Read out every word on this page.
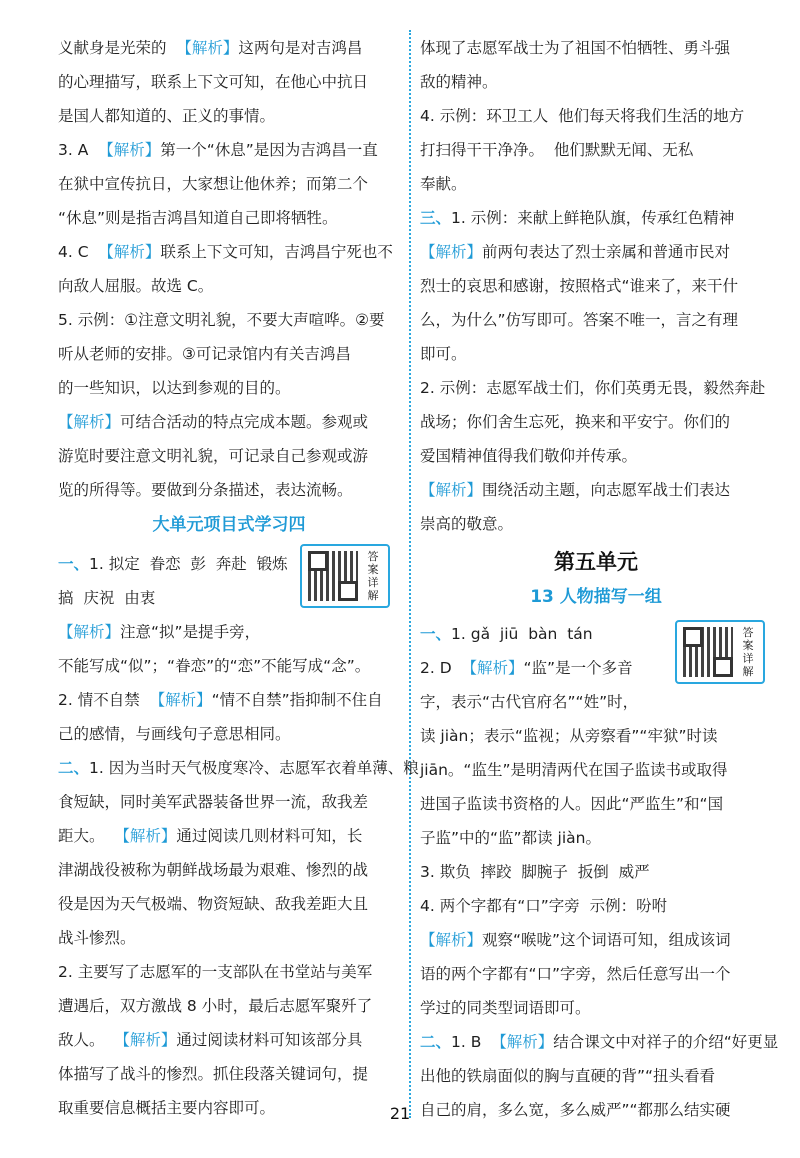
大单元项目式学习四
答案详解
义献身是光荣的  【解析】这两句是对吉鸿昌
的心理描写，联系上下文可知，在他心中抗日
是国人都知道的、正义的事情。
3. A  【解析】第一个“休息”是因为吉鸿昌一直
在狱中宣传抗日，大家想让他休养；而第二个
“休息”则是指吉鸿昌知道自己即将牺牲。
4. C  【解析】联系上下文可知，吉鸿昌宁死也不
向敌人屈服。故选 C。
5. 示例：①注意文明礼貌，不要大声喧哗。②要
听从老师的安排。③可记录馆内有关吉鸿昌
的一些知识，以达到参观的目的。
【解析】可结合活动的特点完成本题。参观或
游览时要注意文明礼貌，可记录自己参观或游
览的所得等。要做到分条描述，表达流畅。
一、1. 拟定  眷恋  彭  奔赴  锻炼
搞  庆祝  由衷
【解析】注意“拟”是提手旁，
不能写成“似”；“眷恋”的“恋”不能写成“念”。
2. 情不自禁  【解析】“情不自禁”指抑制不住自
己的感情，与画线句子意思相同。
二、1. 因为当时天气极度寒冷、志愿军衣着单薄、粮
食短缺，同时美军武器装备世界一流，敌我差
距大。  【解析】通过阅读几则材料可知，长
津湖战役被称为朝鲜战场最为艰难、惨烈的战
役是因为天气极端、物资短缺、敌我差距大且
战斗惨烈。
2. 主要写了志愿军的一支部队在书堂站与美军
遭遇后，双方激战 8 小时，最后志愿军聚歼了
敌人。  【解析】通过阅读材料可知该部分具
体描写了战斗的惨烈。抓住段落关键词句，提
取重要信息概括主要内容即可。
第五单元
13 人物描写一组
答案详解
体现了志愿军战士为了祖国不怕牺牲、勇斗强
敌的精神。
4. 示例：环卫工人  他们每天将我们生活的地方
打扫得干干净净。  他们默默无闻、无私
奉献。
三、1. 示例：来献上鲜艳队旗，传承红色精神
【解析】前两句表达了烈士亲属和普通市民对
烈士的哀思和感谢，按照格式“谁来了，来干什
么，为什么”仿写即可。答案不唯一，言之有理
即可。
2. 示例：志愿军战士们，你们英勇无畏，毅然奔赴
战场；你们舍生忘死，换来和平安宁。你们的
爱国精神值得我们敬仰并传承。
【解析】围绕活动主题，向志愿军战士们表达
崇高的敬意。
一、1. gǎ  jiū  bàn  tán
2. D  【解析】“监”是一个多音
字，表示“古代官府名”“姓”时，
读 jiàn；表示“监视；从旁察看”“牢狱”时读
jiān。“监生”是明清两代在国子监读书或取得
进国子监读书资格的人。因此“严监生”和“国
子监”中的“监”都读 jiàn。
3. 欺负  摔跤  脚腕子  扳倒  威严
4. 两个字都有“口”字旁  示例：吩咐
【解析】观察“喉咙”这个词语可知，组成该词
语的两个字都有“口”字旁，然后任意写出一个
学过的同类型词语即可。
二、1. B  【解析】结合课文中对祥子的介绍“好更显
出他的铁扇面似的胸与直硬的背”“扭头看看
自己的肩，多么宽，多么威严”“都那么结实硬
21
